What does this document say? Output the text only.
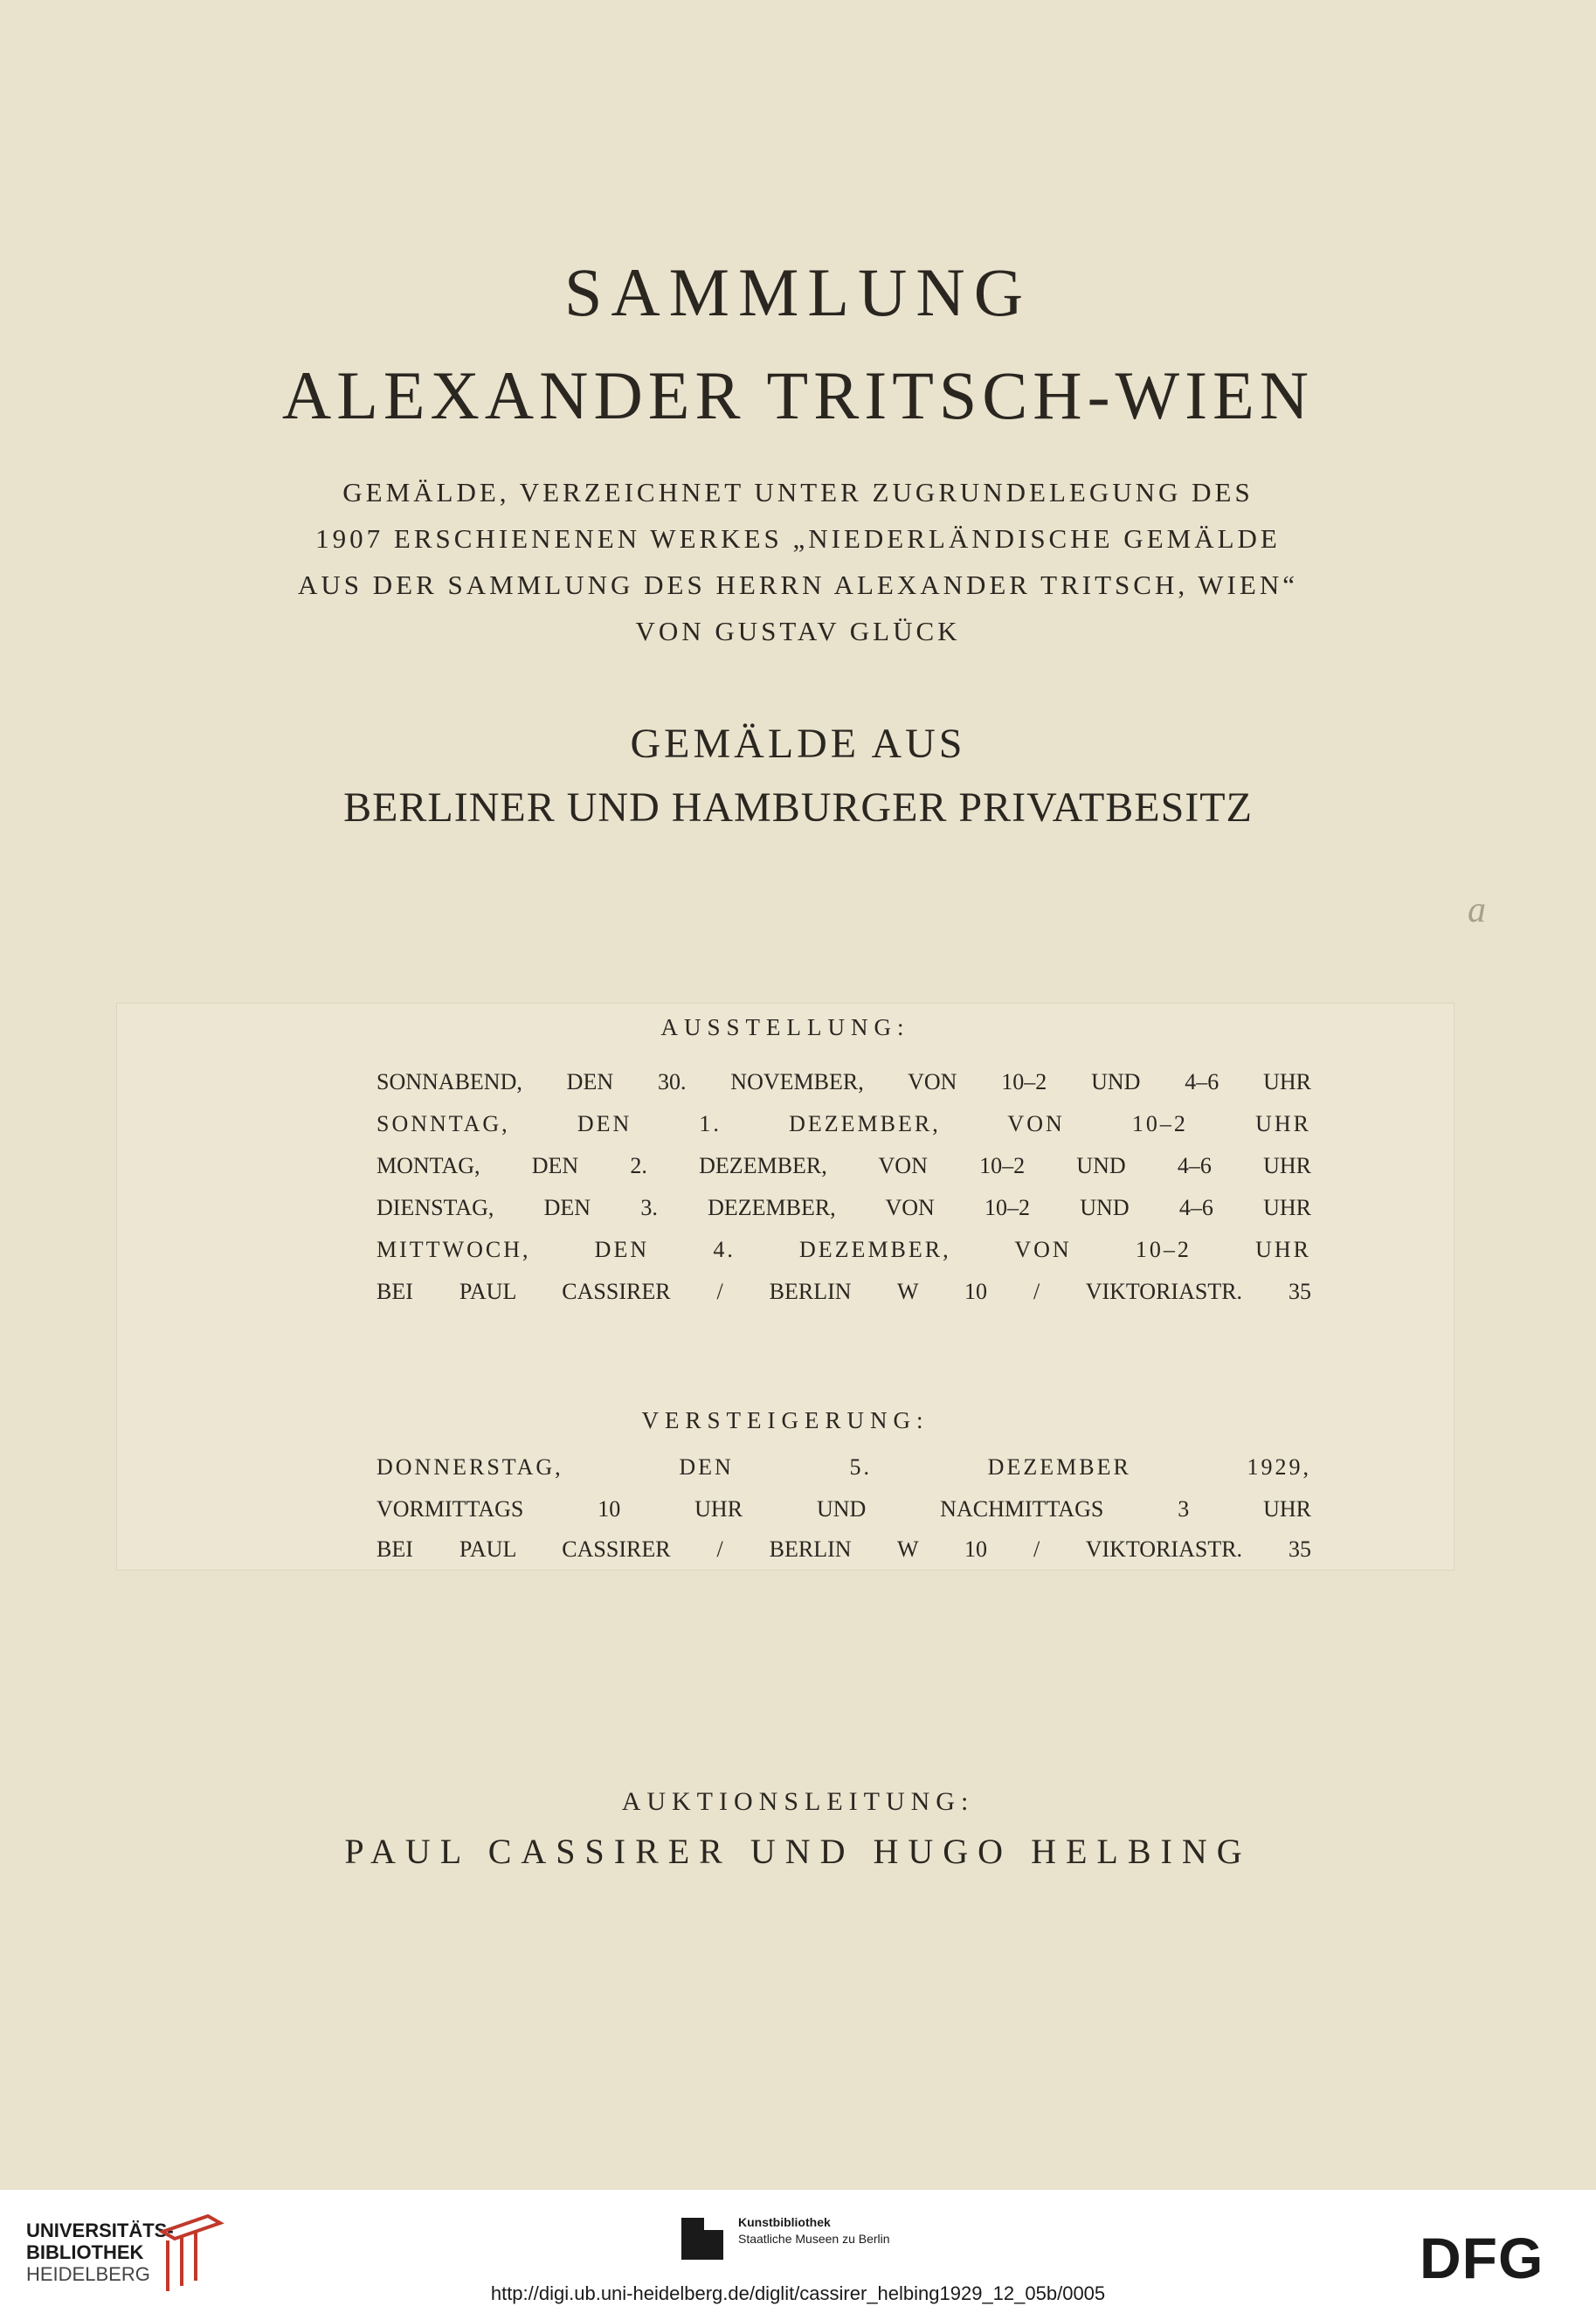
SAMMLUNG
ALEXANDER TRITSCH-WIEN
GEMÄLDE, VERZEICHNET UNTER ZUGRUNDELEGUNG DES
1907 ERSCHIENENEN WERKES „NIEDERLÄNDISCHE GEMÄLDE
AUS DER SAMMLUNG DES HERRN ALEXANDER TRITSCH, WIEN“
VON GUSTAV GLÜCK
GEMÄLDE AUS
BERLINER UND HAMBURGER PRIVATBESITZ
a
AUSSTELLUNG:
SONNABEND, DEN 30. NOVEMBER, VON 10–2 UND 4–6 UHR
SONNTAG, DEN 1. DEZEMBER, VON 10–2 UHR
MONTAG, DEN 2. DEZEMBER, VON 10–2 UND 4–6 UHR
DIENSTAG, DEN 3. DEZEMBER, VON 10–2 UND 4–6 UHR
MITTWOCH, DEN 4. DEZEMBER, VON 10–2 UHR
BEI PAUL CASSIRER / BERLIN W 10 / VIKTORIASTR. 35
VERSTEIGERUNG:
DONNERSTAG, DEN 5. DEZEMBER 1929,
VORMITTAGS 10 UHR UND NACHMITTAGS 3 UHR
BEI PAUL CASSIRER / BERLIN W 10 / VIKTORIASTR. 35
AUKTIONSLEITUNG:
PAUL CASSIRER UND HUGO HELBING
UNIVERSITÄTS-
BIBLIOTHEK
HEIDELBERG
Kunstbibliothek
Staatliche Museen zu Berlin	DFG
http://digi.ub.uni-heidelberg.de/diglit/cassirer_helbing1929_12_05b/0005
